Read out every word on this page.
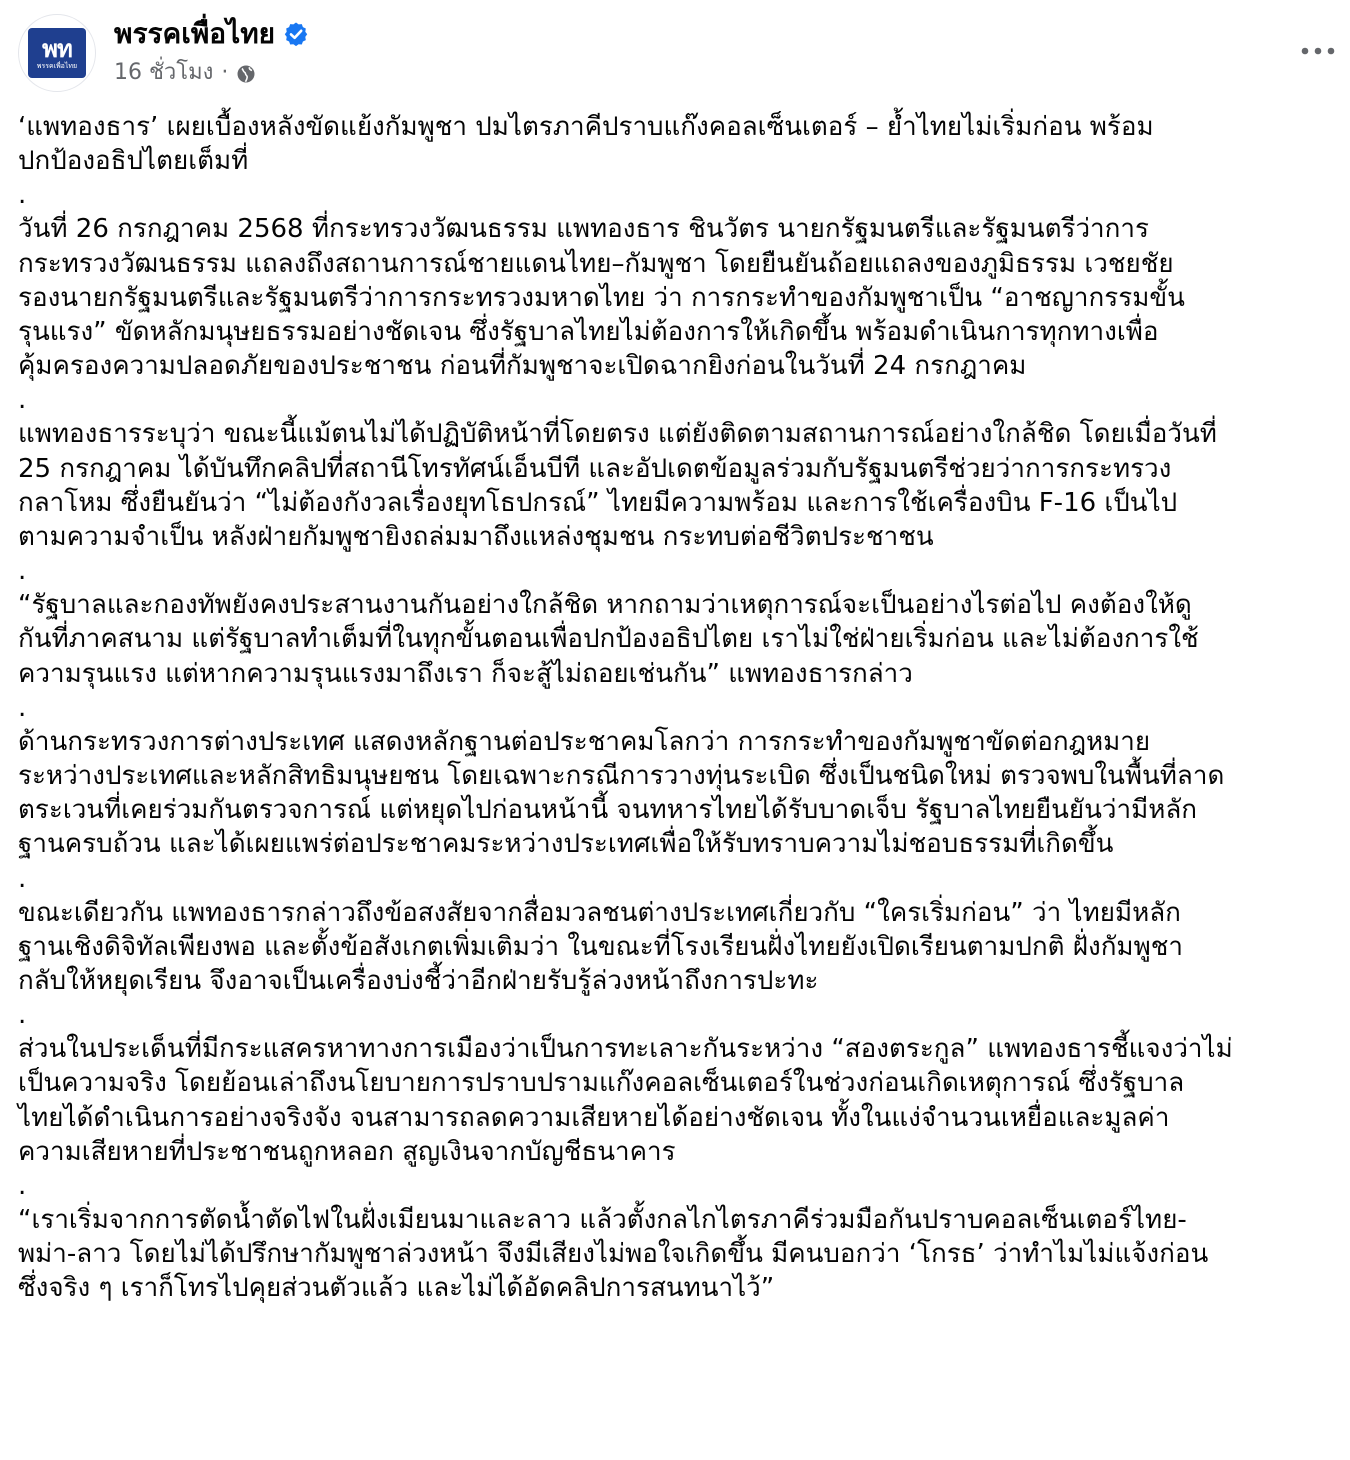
พท
พรรคเพื่อไทย
พรรคเพื่อไทย
16 ชั่วโมง ·

‘แพทองธาร’ เผยเบื้องหลังขัดแย้งกัมพูชา ปมไตรภาคีปราบแก๊งคอลเซ็นเตอร์ – ย้ำไทยไม่เริ่มก่อน พร้อม
ปกป้องอธิปไตยเต็มที่

.

วันที่ 26 กรกฎาคม 2568 ที่กระทรวงวัฒนธรรม แพทองธาร ชินวัตร นายกรัฐมนตรีและรัฐมนตรีว่าการ
กระทรวงวัฒนธรรม แถลงถึงสถานการณ์ชายแดนไทย–กัมพูชา โดยยืนยันถ้อยแถลงของภูมิธรรม เวชยชัย
รองนายกรัฐมนตรีและรัฐมนตรีว่าการกระทรวงมหาดไทย ว่า การกระทำของกัมพูชาเป็น “อาชญากรรมขั้น
รุนแรง” ขัดหลักมนุษยธรรมอย่างชัดเจน ซึ่งรัฐบาลไทยไม่ต้องการให้เกิดขึ้น พร้อมดำเนินการทุกทางเพื่อ
คุ้มครองความปลอดภัยของประชาชน ก่อนที่กัมพูชาจะเปิดฉากยิงก่อนในวันที่ 24 กรกฎาคม

.

แพทองธารระบุว่า ขณะนี้แม้ตนไม่ได้ปฏิบัติหน้าที่โดยตรง แต่ยังติดตามสถานการณ์อย่างใกล้ชิด โดยเมื่อวันที่
25 กรกฎาคม ได้บันทึกคลิปที่สถานีโทรทัศน์เอ็นบีที และอัปเดตข้อมูลร่วมกับรัฐมนตรีช่วยว่าการกระทรวง
กลาโหม ซึ่งยืนยันว่า “ไม่ต้องกังวลเรื่องยุทโธปกรณ์” ไทยมีความพร้อม และการใช้เครื่องบิน F-16 เป็นไป
ตามความจำเป็น หลังฝ่ายกัมพูชายิงถล่มมาถึงแหล่งชุมชน กระทบต่อชีวิตประชาชน

.

“รัฐบาลและกองทัพยังคงประสานงานกันอย่างใกล้ชิด หากถามว่าเหตุการณ์จะเป็นอย่างไรต่อไป คงต้องให้ดู
กันที่ภาคสนาม แต่รัฐบาลทำเต็มที่ในทุกขั้นตอนเพื่อปกป้องอธิปไตย เราไม่ใช่ฝ่ายเริ่มก่อน และไม่ต้องการใช้
ความรุนแรง แต่หากความรุนแรงมาถึงเรา ก็จะสู้ไม่ถอยเช่นกัน” แพทองธารกล่าว

.

ด้านกระทรวงการต่างประเทศ แสดงหลักฐานต่อประชาคมโลกว่า การกระทำของกัมพูชาขัดต่อกฎหมาย
ระหว่างประเทศและหลักสิทธิมนุษยชน โดยเฉพาะกรณีการวางทุ่นระเบิด ซึ่งเป็นชนิดใหม่ ตรวจพบในพื้นที่ลาด
ตระเวนที่เคยร่วมกันตรวจการณ์ แต่หยุดไปก่อนหน้านี้ จนทหารไทยได้รับบาดเจ็บ รัฐบาลไทยยืนยันว่ามีหลัก
ฐานครบถ้วน และได้เผยแพร่ต่อประชาคมระหว่างประเทศเพื่อให้รับทราบความไม่ชอบธรรมที่เกิดขึ้น

.

ขณะเดียวกัน แพทองธารกล่าวถึงข้อสงสัยจากสื่อมวลชนต่างประเทศเกี่ยวกับ “ใครเริ่มก่อน” ว่า ไทยมีหลัก
ฐานเชิงดิจิทัลเพียงพอ และตั้งข้อสังเกตเพิ่มเติมว่า ในขณะที่โรงเรียนฝั่งไทยยังเปิดเรียนตามปกติ ฝั่งกัมพูชา
กลับให้หยุดเรียน จึงอาจเป็นเครื่องบ่งชี้ว่าอีกฝ่ายรับรู้ล่วงหน้าถึงการปะทะ

.

ส่วนในประเด็นที่มีกระแสครหาทางการเมืองว่าเป็นการทะเลาะกันระหว่าง “สองตระกูล” แพทองธารชี้แจงว่าไม่
เป็นความจริง โดยย้อนเล่าถึงนโยบายการปราบปรามแก๊งคอลเซ็นเตอร์ในช่วงก่อนเกิดเหตุการณ์ ซึ่งรัฐบาล
ไทยได้ดำเนินการอย่างจริงจัง จนสามารถลดความเสียหายได้อย่างชัดเจน ทั้งในแง่จำนวนเหยื่อและมูลค่า
ความเสียหายที่ประชาชนถูกหลอก สูญเงินจากบัญชีธนาคาร

.

“เราเริ่มจากการตัดน้ำตัดไฟในฝั่งเมียนมาและลาว แล้วตั้งกลไกไตรภาคีร่วมมือกันปราบคอลเซ็นเตอร์ไทย-
พม่า-ลาว โดยไม่ได้ปรึกษากัมพูชาล่วงหน้า จึงมีเสียงไม่พอใจเกิดขึ้น มีคนบอกว่า ‘โกรธ’ ว่าทำไมไม่แจ้งก่อน
ซึ่งจริง ๆ เราก็โทรไปคุยส่วนตัวแล้ว และไม่ได้อัดคลิปการสนทนาไว้”
